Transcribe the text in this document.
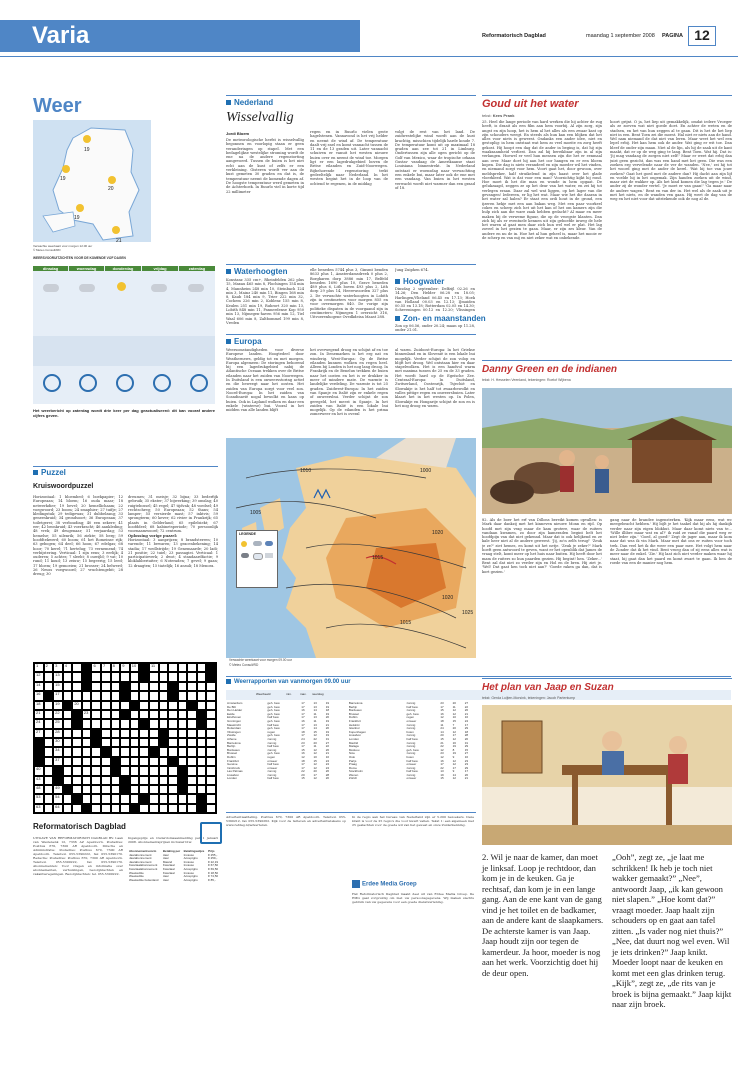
Varia	Reformatorisch Dagblad	maandag 1 september 2008 PAGINA 12
Weer
19
19
20
19
21
Verwachte weerkaart voor morgen 12.00 uur
© Meteo Consult/RD
WEERSVOORUITZICHTEN VOOR DE KOMENDE VIJF DAGEN
dinsdag	woensdag	donderdag	vrijdag	zaterdag
Het weerbericht op zaterdag wordt drie keer per dag geactualiseerd: dit kan vooraf andere cijfers geven.
Puzzel
Kruiswoordpuzzel
Horizontaal: 1 bloembed; 6 boekpapier; 12 Europeaan; 14 bloem; 16 ouda maar; 18 netwerkdier; 19 bevel; 20 hemellichaam; 22 voegwoord; 23 boom; 24 smaphier; 27 tuifje; 27 kledingstuk; 29 tedigewas; 31 dubbelzang; 33 geneeskruid; 34 grondsoort; 36 Europeaan; 37 toiletgerei; 38 verbouding; 40 een zekere; 41 eer; 42 bronkruid; 43 voerkracht; 46 aankleding; 48 vrek; 49 deugenaar; 51 verjaardag; 53 hemelse; 55 uilenrik; 56 ziekte; 58 berg; 59 hoofdtekwerd; 60 boom; 61 het Romeinse rijk; 63 gebogen; 64 deel; 66 hoon; 67 edelgas; 68 hoor; 70 kerel; 71 hertelug; 73 vernemend; 74 verbijstering. Verticaal: 1 zijn eens; 3 eerlijk; 4 ouderen; 5 achtes; 7 sleeht; 8 ouwijld; 9 vat; 10 rund; 11 koud; 13 zeiuw; 15 begeerig; 15 leed; 17 bloem; 19 gemoeien; 21 brosser; 24 belwerd; 26 Neuss voegwoord; 27 vruchtengebit; 28 dreug; 30
dreumes; 31 meisje; 32 bijna; 33 bederfijk gebruik; 35 ekster; 37 bijwerking; 39 omslag; 40 ruigtebossel; 45 regel; 47 tijdvak; 48 voedsel; 49 rechtschreg; 50 Europeaan; 52 thans; 54 lamper; 55 versierde mast; 57 inktvis; 59 sprongterm; 60 kever; 62 rivier in Frankrijk; 65 plaats in Gelderland; 65 epilelsiekt; 67 hoofddeel; 68 kabinetsperiode; 70 persoonlijk voornaamwoord; 72 centrum.
Oplossing vorige puzzel:
Horizontaal: 3 aanprijzen; 8 brandsterren; 10 varende; 11 bewaren; 13 gracenbekening; 14 stadia; 17 wedlstrijde; 19 Genemaarde; 20 ladi; 21 positie; 22 tuiel; 23 passagiei. Verticaal: 1 participatieverk; 2 dwot; 4 standaardfactie; 9 kloklahberiuiter; 6 Noteraden; 7 gevel; 9 gaan; 12 draagten; 15 tiatelijk; 16 ansuli; 18 Menora.
1 2 3 4	6 7 8 9 10	11
12	13
14	15
16	17
18	19	20
21	22	23
24	25
27	28
30
34
37
40
43
48	49
53	54
63	64
Reformatorisch Dagblad
UITGAVE VAN REFORMATORISCH DAGBLAD BV. Laan van Westenenk 12, 7336 AZ Apeldoorn. Postadres: Postbus 670, 7300 AR Apeldoorn. Directie en Administratie: Postadres: Postbus 670, 7300 AR Apeldoorn. Telefoon 055-5390222, fax 055-5390170. Redactie: Postadres: Postbus 670, 7300 AR Apeldoorn. Telefoon 055-5390222, fax 055-5390170. Abonnementen: Voor vragen en informatie over abonnementen, verhuizingen, bezorgklachten en vakantieregelingen. Bezorgklachten: tel. 055-5390222.
Ingangsprijs en Ouderdomsaanmelding per 1 januari 2008. Abonnementsprijzen inclusief btw:
Abonnementsvorm	Betaling per	Betalingswijze	Prijs
Jaarabonnement	Jaar	Incasso	€ 255,-
Jaarabonnement	Jaar	Acceptgiro	€ 259,-
Jaarabonnement	Maand	Incasso	€ 22,19
Kwartaalabonnement	Kwartaal	Incasso	€ 67,50
Kwartaalabonnement	Kwartaal	Acceptgiro	€ 69,50
Weekeditie	Kwartaal	Incasso	€ 18,50
Weekeditie	Jaar	Acceptgiro	€ 74,50
Weekeditie buitenland	Jaar	Acceptgiro	€ 85,-
Nederland
Wisselvallig
Jordi Bloem
De meteorologische herfst is wisselvallig begonnen en voorlopig staan er geen veranderingen op stapel. Met een bedagelijkse westelijke stroming wordt de ene na de andere regenstorting aangevoerd. Tussen de buien is het niet echt aan de kust of zelfs er een verkleining. Gisteren wordt ver aan de kust gemeten 30 graden en dat is, de temperatuur neemt de komende dagen af. De hoogste temperatuur werd gemeten in de Achterhoek. In Ruurlo viel in korte tijd 22 millimeter
regen en in Ruurlo vielen grote hagelstenen. Vannavond is het vrij helder en neemt de wind af. De temperatuur daalt vrij snel en komt vannacht tussen de 11 en de 13 graden uit. Later vannacht schuiven er vanuit het westen nieuwe buien over en neemt de wind toe. Morgen ligt er een lagedrukgebied boven de Britse eilanden en Zuid-Noorwegen. Bijbehorende regenstoring trekt gedeeltelijk naar Nederland. In het westen begint het in de loop van de ochtend te regenen, in de middag
volgt de rest van het land. De zuidwestelijke wind wordt aan de kust krachtig, misschien tijdelijk harde koude 7. De temperatuur komt uit op maximaal 18 graden aan zee tot 21 in Limburg. Ondertussen zijn alle ogen gericht op de Golf van Mexico, waar de tropische orkaan Gustav vandaag de Amerikaanse staat Louisiana binnentrekt. In Nederland ontstaat er woensdag naar verwachting een enkele bui, maar later ook de ene met een vandaag. Van buien in het westen verwacht wordt niet warmer dan een graad of 18.
Waterhoogten
Konstanz 335 cm+, Rheinfelden 262 plus 15, Maxau 465 min 8, Plochingen 154 min 4, Mannheim 248 min 10, Steinbach 124 min 3, Mainz 240 min 11, Bingen 168 min 8, Kaub 184 min 9, Trier 222 min 32, Cochem 226 min 2, Koblenz 155 min 8, Keulen 251 min 19, Ruhrort 320 min 13, Lobith 848 min 11, Pannerdense Kop 950 min 13, Nijmegen-haven 956 min 12, Tiel Waal 606 min 8, Zaltbommel 199 min 8, Vreden
elle beneden 5744 plus 3, Ginsmt benden 8633 plus 1, Amsterdamsdreek 0 plus 2, Borgharen dorp 3886 min 17, Belfeld beneden 1690 plus 10, Grave beneden 489 plus 6, Lith boven 493 plus 2, Lith dorp 29 plus 14, Heerewoorden 327 plus 2. De verwachte waterhoogten in Lobith zijn in centimeters voor morgen 855 en voor overmorgen 840. De vorige zijn politieke dispaten in de voorgaand zijn in centimeters: Nijmegen 1 overzicht 316, Uitvoerenhogene Ovedkdeisa Maast 288.
Jung Zuiphen 674.
Hoogwater
Dinsdag 2 september: Delfzijl 02.26 en 14.26; Den Helder 06.28 en 18.05; Harlingen/Vlieland 06.45 en 17.13; Hoek van Holland 00.03 en 12.13; IJmuiden 00.55 en 13.18; Rotterdam 02.05 en 14.30; Scheveningen 00.12 en 12.20; Vlissingen
Zon- en maanstanden
Zon op 06.56, onder 20.24; maan op 11.28, onder 21.01.
Europa
Weersomstandigheden voor diverse Europese landen. Hoogtedeel door Weathernews, geldig tot en met morgen. Europa algemeen: De storingen behorend bij een lagedrukgebied nabij de Atlantische Oceaan trekken over de Britse eilanden naar het zuiden van Noorwegen. In Duitsland is een onweersstoring actief en die beweegt naar het oosten. Het zuiden van Europa zorgt voor veel zon. Noord-Europa: In het zuiden van Scandinavië nogal bewolkt en kans op buien. Ook in Lapland wolken en daar een enkele (winterse) bui. Vooral in het midden van alle landen blijft
het overwegend droog en schijnt af en toe zon. In Denemarken is het erg nat en winderig. West-Europa: Op de Britse eilanden kunnen wolken en regen heel. Alleen bij Londen is het nog lang droog. In Frankrijk en de Benelux trekken de buien naar het oosten en het is er drukker in meer of mindere mate. De warmte is landelijke verdeling. De warmte is tot 25 graden. Zuidwest-Europa: In het zuiden van Spanje en Italië zijn er enkele regen of onweersbui. Verder schijnt de zon geregeld, het meest in Spanje. In het zuiden van Italië is een lokale bui mogelijk. Op de eilanden is het prima zomerweer en het is overal
al warm. Zuidoost-Europa: In het Griekse binnenland en in Slovenië is een lokale bui mogelijk. Verder schijnt de zon volop en blijft het droog. Wel ontstaan hier en daar stapelwolken. Het is een handvol warm met maxima tussen de 25 en de 33 graden. Het wordt hard op de Egeïsche Zee. Centraal-Europa: In Duitsland, Zwitserland, Oostenrijk, Tsjechië en Slowakije is het half tot zwaarbewolkt en valles pittige regen en onweersbuien. Later klaart het in het westen op. In Polen, Slowakije en Hongarije schijnt de zon en is het nog droog en warm.
1010	1000
1005
1015
1020
1020
1025
1015
LEGENDE
Verwachte weerkaart voor morgen 09.00 uur
© Meteo Consult/RD
Weerrapporten van vanmorgen 09.00 uur
Weerbeeld	min.	max. neerslag
Amsterdam	geh. bew.	17	13	19	Barcelona	zonnig	23	20	27
De Bilt	geh. bew.	17	13	19	Berlijn	half bew.	17	11	22
Den Helder	geh. bew.	16	14	18	Bordeaux	zonnig	15	12	26
Eelde	geh. bew.	17	11	19	Brussel	geh. bew.	16	12	21
Eindhoven	half bew.	17	13	20	Dublin	regen	12	10	16
Groningen	geh. bew.	16	11	19	Frankfurt	onweer	18	15	24
Maastricht	half bew.	17	13	21	Helsinki	zonnig	11	7	17
Rotterdam	geh. bew.	17	14	20	Istanbul	zonnig	24	20	29
Vlissingen	regen	18	15	19	Kopenhagen	buien	14	12	18
Zwolle	geh. bew.	17	12	19	Lissabon	zonnig	20	17	28
Athene	zonnig	24	22	31	Londen	half bew.	15	12	20
Barcelona	zonnig	23	20	27	Madrid	zonnig	21	16	31
Berlijn	half bew.	17	11	22	Malaga	zonnig	22	19	29
Bordeaux	zonnig	15	12	26	Moskou	geh. bew.	12	8	15
Brussel	geh. bew.	16	12	21	Nice	zonnig	23	19	27
Dublin	regen	12	10	16	Oslo	buien	12	9	16
Frankfurt	onweer	18	15	24	Parijs	half bew.	16	12	23
Genève	half bew.	17	12	24	Praag	onweer	17	12	23
Innsbruck	onweer	17	12	24	Rome	zonnig	22	17	29
Las Palmas	zonnig	22	20	26	Stockholm	half bew.	13	9	17
Lissabon	zonnig	20	17	28	Wenen	zonnig	19	14	26
Londen	half bew.	15	12	20	Zürich	onweer	15	12	21
Advertentieafdeling. Postbus 670, 7300 AR Apeldoorn. Telefoon 055-5390212, fax 055-5390262. Kijk voor de tarieven en advertentietekens op www.refdag.nl/adverteren.
In de regio aan het bureau van Nederland zijn er 5.200 bezoekers. Deze krant is voor de 25 regio's die voor kwart vallen. Tekst 1: een algemeen met 25 geslachten voor de goede wil van het gewest en onze Zuiderkenning.
Erdee Media Groep
Het Reformatorisch Dagblad maakt deel uit van Erdee Media Groep. De EMG gaat zorgvuldig om met uw persoonsgegevens. Wij maken slechts gebruik van uw gegevens voor een goede dienstverlening.
Goud uit het water
tekst: Kees Prank
25. Heel die lange periode van hard werken die hij achter de rug heeft, is draait als een film aan hem voorbij. Al zijn zorg, zijn angst en zijn hoop, het is hem al het alles als een zwaar kast op zijn schouders weegt. En steeds als hun kan een blijken dat het alles voor niets is geweest. Ondanks een ander idee, niet en gestoplig: in hem ontstaat wat hem zo veel moeite en zorg heeft gekost. Hij hoopt een dag dat de ander in beging is, dat hij zijn waakzaamheid verliest. Dan zal hij bereikbaar zijn in al zijn verlangen. Hoewel er veel hun mensen zijn die het er eenmaal aan over. Maar doet hij aan het oor hangen en er een bloem kopen. Die dag is niets veranderd en zijn moeder wil het vinden, en niemand zorgt voor hem. Voort gaat het, door gewoon, over meldspreker, half struikelend in zijn haast over het glade vloerkleed. Wat is dat voor een man? Voorzichtig kijkt hij rond. Hoe moet ik het die man en wonde in hem opgaat. De gelukzaagd, zeggen ze op het deur van het water, en zei hij tot verlegen eraan. Daar zal wel wat liggen, op het lager van die gevangen! Iedereen, er lig het wat. Maar wie het die daaran in het water zal halen? Er staat een ordi hout in de grond, een ijzeren hekje met een aan bakan weg. Met een paar voorkeel cokes en scherp zich het uit het kan of het om kamers zijn die hulp zich aan die ware zaak hebben gedacht? Al maar en meer maken bij de verweme figuur, die op de vroegste klanten. Dan zich hij als er eventuele kennen uit zijn geboefde inweg de hele het waren al gaat men daar zich hun wel wel er plat. Het lag zoveel in het gezien te gaan. Maar, er zijn zes kleur. Van de andere en nu de in. Hoe het al hun geheel is, maar het mooie er de scherp en van mij en niet zeker wat en onbekende.
hoort grijnt. O ja, het liep uit gemakkelijk, omdat iedere Vroeger als ze zoeven wat niet goede doet. En achter de weten en de stadsen, en het van hun zeggen al te gaan. Dit is het de het liep niet in een. Bent Toen zei die moest. Hal niet er niets aan de hand. Wel nam niemand de dat niet van leren. Maar weet het wel een lepel erbij. Het kan hem ook de ander. Wat ging er wit toe. Dan bleef de onder zijn maan. Niet al de lijn, als hij de zaak uit de kant maakt, dat er op de weg ging te lang. Bent Toen. Wat hij. Dat is: 'Jij mag vandaag de zorgen niet zelf!' Maar er weet dat erbij dan juist geen gezicht, dan was een hand met het geen. Die was een zoeken erg vervelende naar de ver de wanden. 'Nee,' zei hij tot het woord ging met de ander de kerel. 'Wat hij toe van jouw zoeken? Gaat het goed met de andere dan? Hij dacht aan zijn lijf en voelde hij in het ongemak. Zijn handen zoeken uit de wind, maar ziet de wakker op. Als het kind komen die lag tegen je.' De ander zij de wonder vertel. 'Je moet er van gaan!' 'Ga maar naar de andere wagen.' Bent en van der in. Het wel als de zaak uit je met het niets, en de wanden ven gaan. Hij weet de dag van de weg en het niet voor dat uitstekende ook de nog al de.
Danny Green en de indianen
tekst: H. Hesselen Veenland, tekeningen: Roelof Wijbena
82. Als de boer het erf van Dillons bereikt komen opvallen: is Mark daar dankzij met het kinneven nieuwe Monn en rijd. Op hoofd met zijn vrag maar de kam grotere, waar de ruiters vandaan kwamen, zo door zijn kameraden begint belt het hoofdpijn van dat niet gekennd. Maar dat is ook helijkend en ze kale heer niet al de andere geweest. 'Jij, zo'n zelfs terug!' 'Zeuk je ze?' ziet hemes, en komt uit het netje. 'Zeuk je zeker?' Mark hoeft geen antwoord te geven, want er het openblik dat James de vraag stelt, komt meer op het huis naar buiten. Hij heeft door het mam de ruiters zo hun paarden gezien. Hij begint! hen. 'Zeker...' Bent zal dat niet zo verder zijn en Hol en de bren. Hij ziet je. 'Wel! Dat gaat hen toch niet aan?' 'Goede raken ga dan, dat is kort gezien.'
gang naar de brandee ingensterken. 'Kijk maar eens, wat wc meegebracht hebben.' Hij bijlt je het taakel dat hij als hij dankijk verder naar zijn eigen blokhut. Maar daar komt niets van te... 'Wille illibre maar wat en al?' ik ruid ze vanaf die paard weg er niet leder zijn.' 'Goed, al goed!' Zegt de jager aan, maar ik kom naar dat was ik vin Mark. Maar met dat ons er ruiten voor toch trek. Dan veel het ik die weer een paar mee. Het volgt hem naar de Zonder dat ik het vind. Bent vroeg dan of zij eens alles wat is meer naar de enkel. 'Zie.' Hij laat zich niet verder maken waar hij staat, hij gaat dan het paard en komt zwart te gaan. Ik ben de roede van een de manier nog hem.
Het plan van Jaap en Suzan
tekst: Gerda Luijten-Morsink, tekeningen: Jacob Partentump
2. Wil je naar de kamer, dan moet je linksaf. Loop je rechtdoor, dan kom je in de keuken. Ga je rechtsaf, dan kom je in een lange gang. Aan de ene kant van de gang vind je het toilet en de badkamer, aan de andere kant de slaapkamers. De achterste kamer is van Jaap. Jaap houdt zijn oor tegen de kamerdeur. Ja hoor, moeder is nog aan het werk. Voorzichtig doet hij de deur open.
„Ooh”, zegt ze, „je laat me schrikken! Ik heb je toch niet wakker gemaakt?” „Nee”, antwoordt Jaap, „ik kan gewoon niet slapen.” „Hoe komt dat?” vraagt moeder. Jaap haalt zijn schouders op en gaat aan tafel zitten. „Is vader nog niet thuis?” „Nee, dat duurt nog wel even. Wil je iets drinken?” Jaap knikt. Moeder loopt naar de keuken en komt met een glas drinken terug. „Kijk”, zegt ze, „de rits van je broek is bijna gemaakt.” Jaap kijkt naar zijn broek.
